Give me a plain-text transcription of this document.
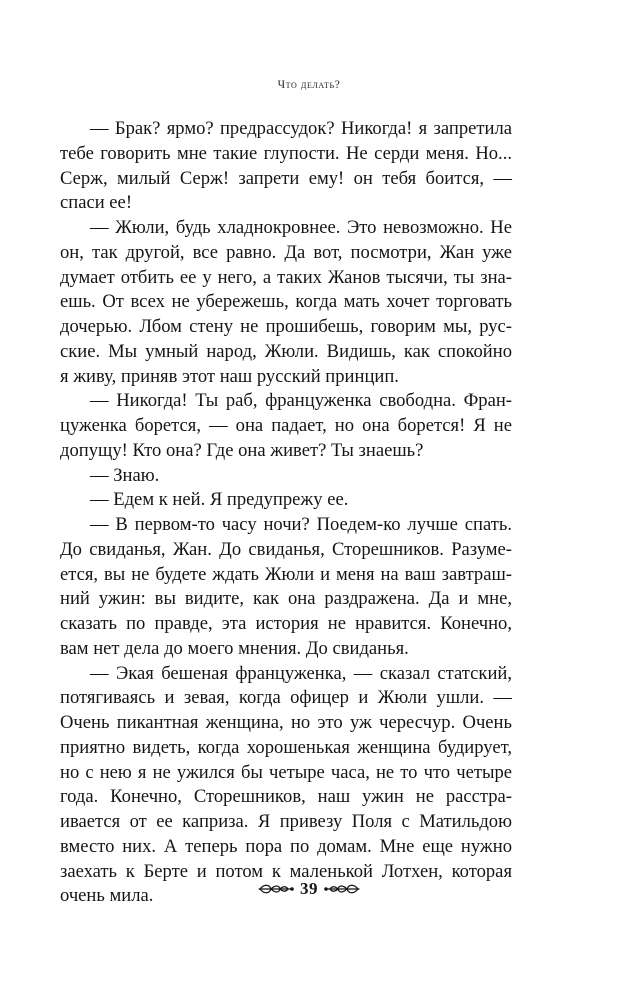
Что делать?

— Брак? ярмо? предрассудок? Никогда! я запретила
тебе говорить мне такие глупости. Не серди меня. Но...
Серж, милый Серж! запрети ему! он тебя боится, —
спаси ее!

— Жюли, будь хладнокровнее. Это невозможно. Не
он, так другой, все равно. Да вот, посмотри, Жан уже
думает отбить ее у него, а таких Жанов тысячи, ты зна-
ешь. От всех не убережешь, когда мать хочет торговать
дочерью. Лбом стену не прошибешь, говорим мы, рус-
ские. Мы умный народ, Жюли. Видишь, как спокойно
я живу, приняв этот наш русский принцип.

— Никогда! Ты раб, француженка свободна. Фран-
цуженка борется, — она падает, но она борется! Я не
допущу! Кто она? Где она живет? Ты знаешь?

— Знаю.

— Едем к ней. Я предупрежу ее.

— В первом-то часу ночи? Поедем-ко лучше спать.
До свиданья, Жан. До свиданья, Сторешников. Разуме-
ется, вы не будете ждать Жюли и меня на ваш завтраш-
ний ужин: вы видите, как она раздражена. Да и мне,
сказать по правде, эта история не нравится. Конечно,
вам нет дела до моего мнения. До свиданья.

— Экая бешеная француженка, — сказал статский,
потягиваясь и зевая, когда офицер и Жюли ушли. —
Очень пикантная женщина, но это уж чересчур. Очень
приятно видеть, когда хорошенькая женщина будирует,
но с нею я не ужился бы четыре часа, не то что четыре
года. Конечно, Сторешников, наш ужин не расстра-
ивается от ее каприза. Я привезу Поля с Матильдою
вместо них. А теперь пора по домам. Мне еще нужно
заехать к Берте и потом к маленькой Лотхен, которая
очень мила.	39
